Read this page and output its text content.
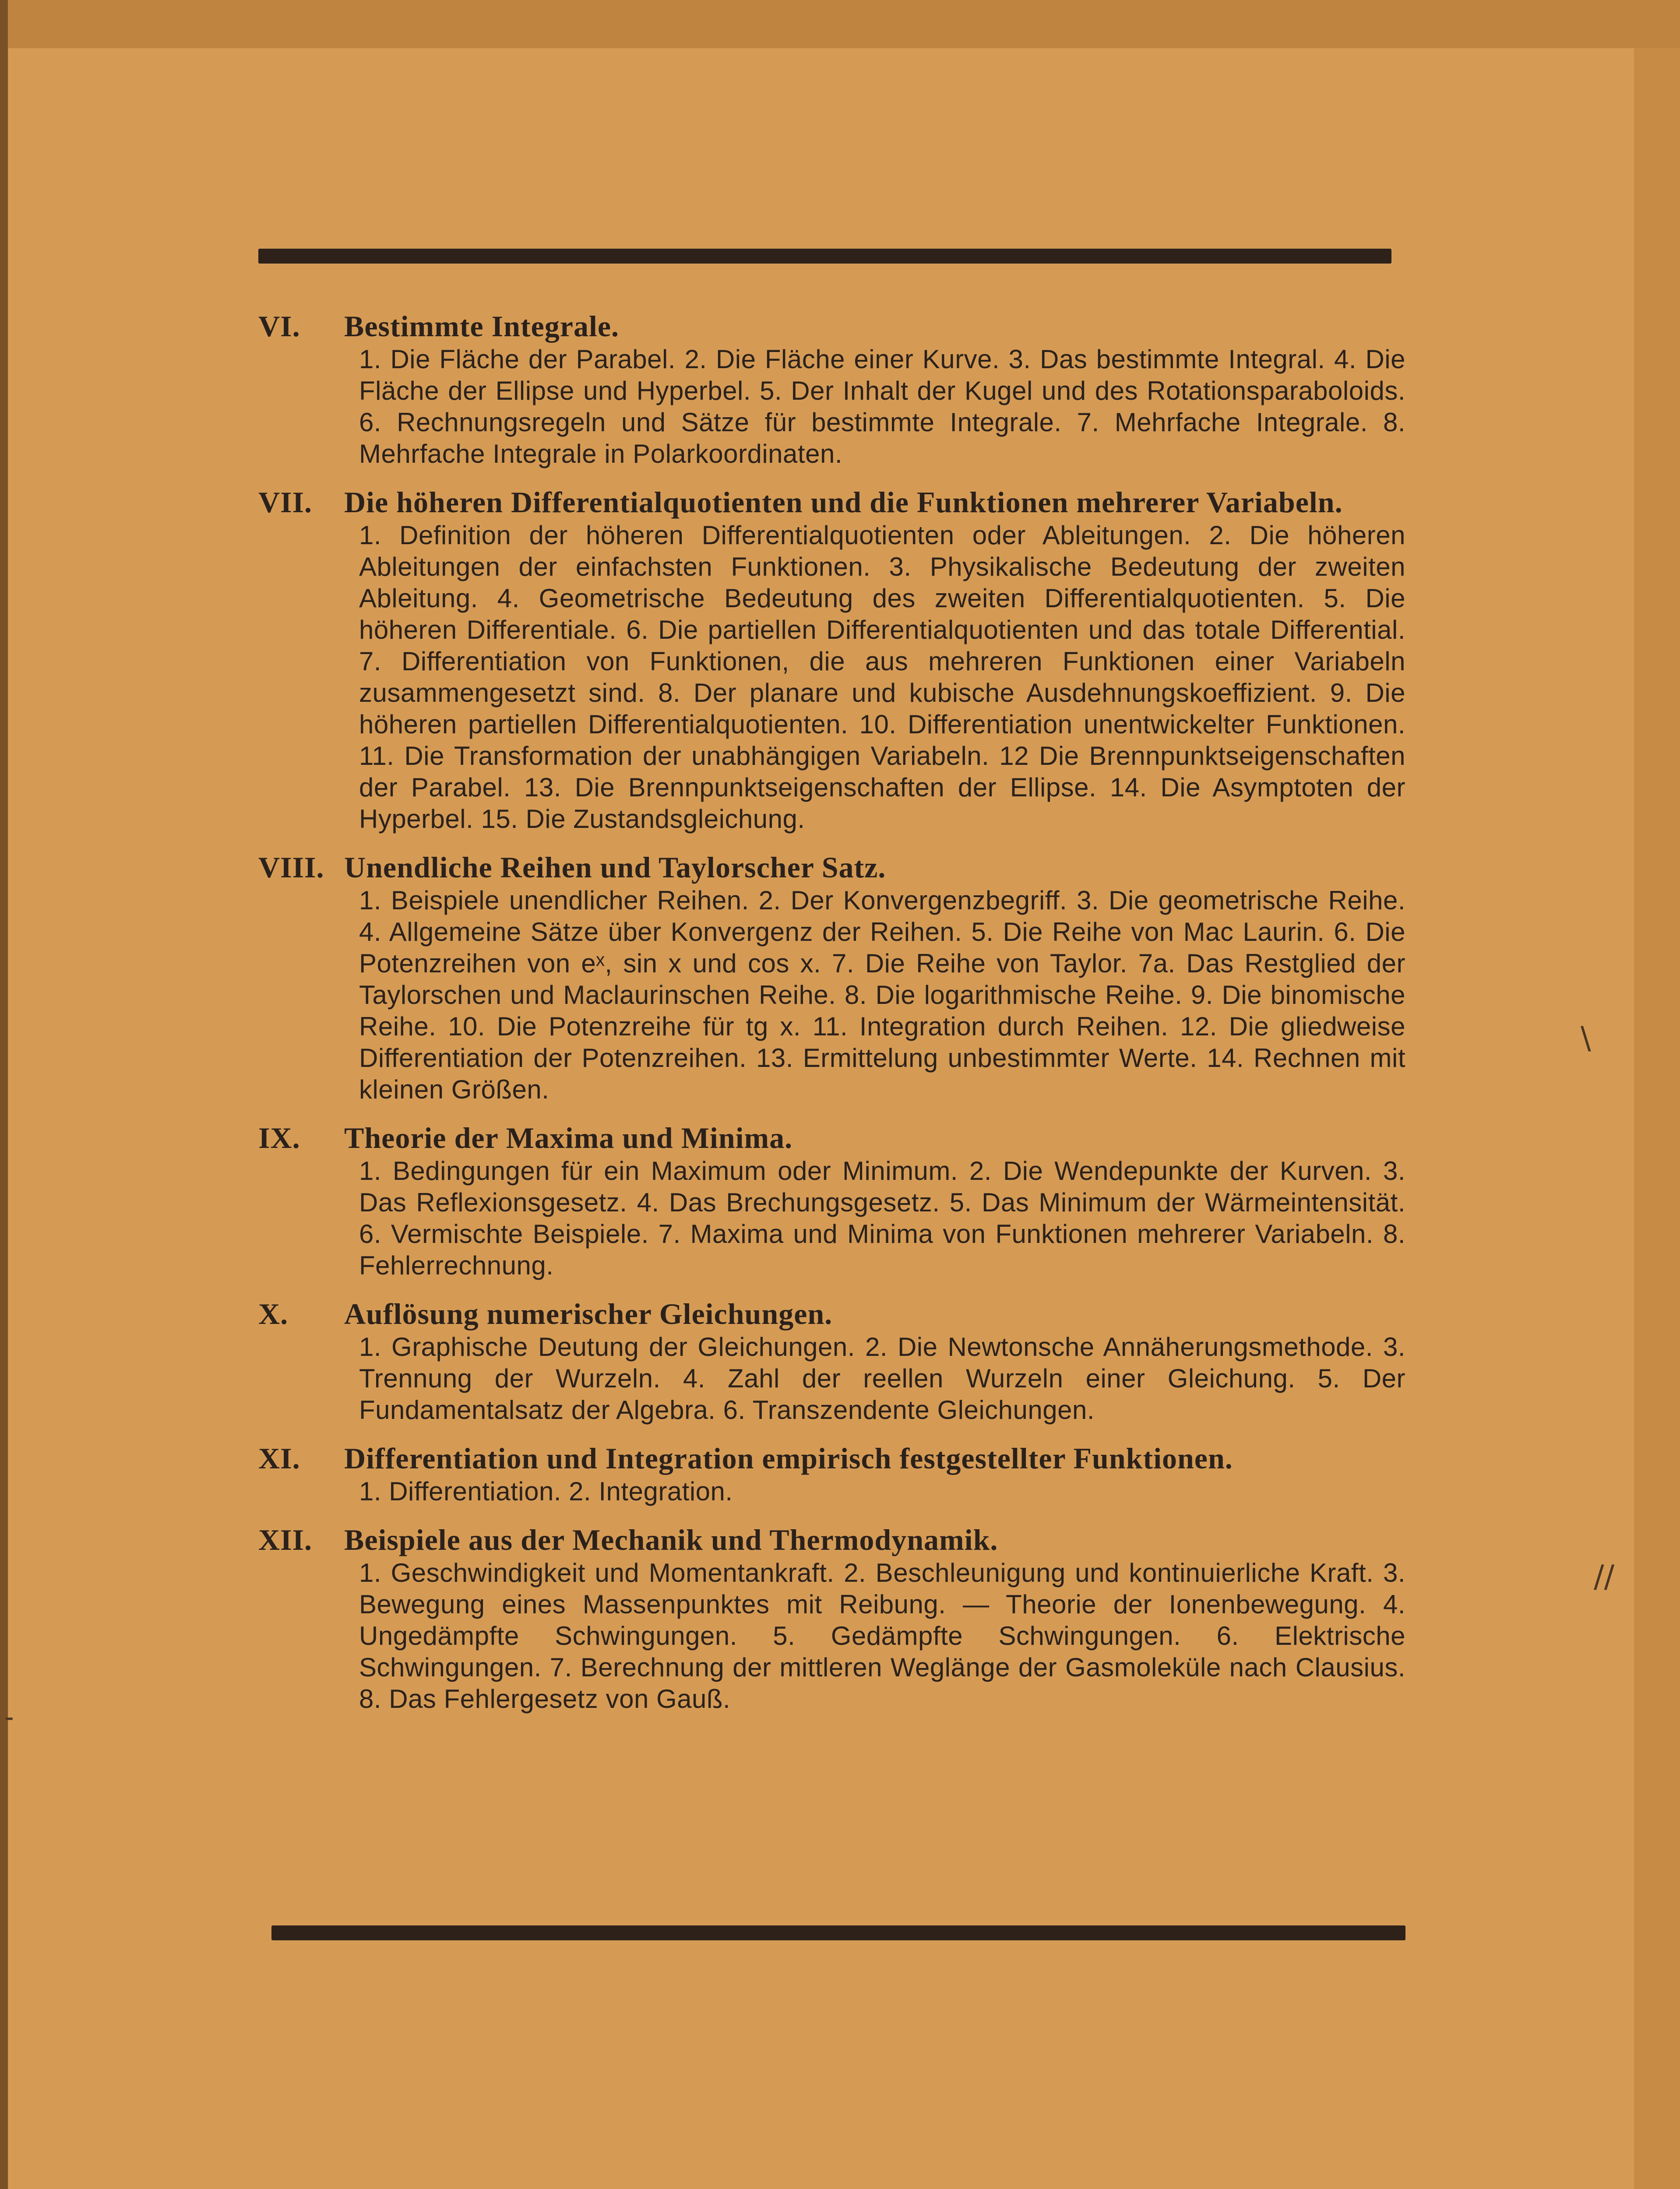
VI.	Bestimmte Integrale.
1. Die Fläche der Parabel. 2. Die Fläche einer Kurve. 3. Das bestimmte Integral. 4. Die Fläche der Ellipse und Hyperbel. 5. Der Inhalt der Kugel und des Rotationsparaboloids. 6. Rechnungsregeln und Sätze für bestimmte Integrale. 7. Mehrfache Integrale. 8. Mehrfache Integrale in Polarkoordinaten.
VII.	Die höheren Differentialquotienten und die Funktionen mehrerer Variabeln.
1. Definition der höheren Differentialquotienten oder Ableitungen. 2. Die höheren Ableitungen der einfachsten Funktionen. 3. Physikalische Bedeutung der zweiten Ableitung. 4. Geometrische Bedeutung des zweiten Differentialquotienten. 5. Die höheren Differentiale. 6. Die partiellen Differentialquotienten und das totale Differential. 7. Differentiation von Funktionen, die aus mehreren Funktionen einer Variabeln zusammengesetzt sind. 8. Der planare und kubische Ausdehnungskoeffizient. 9. Die höheren partiellen Differentialquotienten. 10. Differentiation unentwickelter Funktionen. 11. Die Transformation der unabhängigen Variabeln. 12 Die Brennpunktseigenschaften der Parabel. 13. Die Brennpunktseigenschaften der Ellipse. 14. Die Asymptoten der Hyperbel. 15. Die Zustandsgleichung.
VIII. Unendliche Reihen und Taylorscher Satz.
1. Beispiele unendlicher Reihen. 2. Der Konvergenzbegriff. 3. Die geometrische Reihe. 4. Allgemeine Sätze über Konvergenz der Reihen. 5. Die Reihe von Mac Laurin. 6. Die Potenzreihen von eˣ, sin x und cos x. 7. Die Reihe von Taylor. 7a. Das Restglied der Taylorschen und Maclaurinschen Reihe. 8. Die logarithmische Reihe. 9. Die binomische Reihe. 10. Die Potenzreihe für tg x. 11. Integration durch Reihen. 12. Die gliedweise Differentiation der Potenzreihen. 13. Ermittelung unbestimmter Werte. 14. Rechnen mit kleinen Größen.
IX.	Theorie der Maxima und Minima.
1. Bedingungen für ein Maximum oder Minimum. 2. Die Wendepunkte der Kurven. 3. Das Reflexionsgesetz. 4. Das Brechungsgesetz. 5. Das Minimum der Wärmeintensität. 6. Vermischte Beispiele. 7. Maxima und Minima von Funktionen mehrerer Variabeln. 8. Fehlerrechnung.
X.	Auflösung numerischer Gleichungen.
1. Graphische Deutung der Gleichungen. 2. Die Newtonsche Annäherungsmethode. 3. Trennung der Wurzeln. 4. Zahl der reellen Wurzeln einer Gleichung. 5. Der Fundamentalsatz der Algebra. 6. Transzendente Gleichungen.
XI.	Differentiation und Integration empirisch festgestellter Funktionen.
1. Differentiation. 2. Integration.
XII.	Beispiele aus der Mechanik und Thermodynamik.
1. Geschwindigkeit und Momentankraft. 2. Beschleunigung und kontinuierliche Kraft. 3. Bewegung eines Massenpunktes mit Reibung. — Theorie der Ionenbewegung. 4. Ungedämpfte Schwingungen. 5. Gedämpfte Schwingungen. 6. Elektrische Schwingungen. 7. Berechnung der mittleren Weglänge der Gasmoleküle nach Clausius. 8. Das Fehlergesetz von Gauß.
\
//
˗
